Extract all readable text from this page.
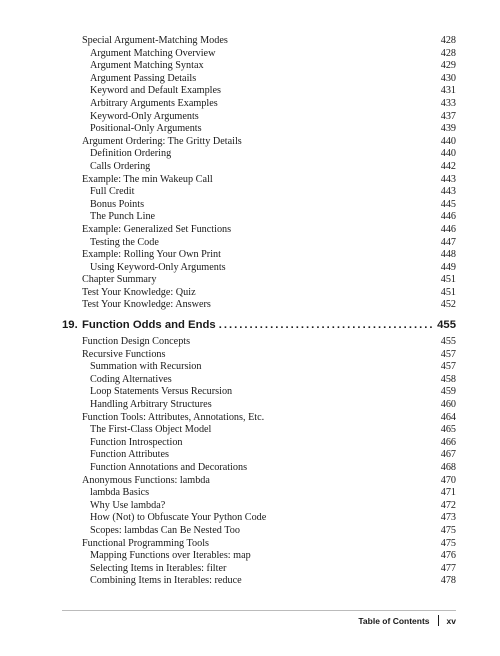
Special Argument-Matching Modes	428
Argument Matching Overview	428
Argument Matching Syntax	429
Argument Passing Details	430
Keyword and Default Examples	431
Arbitrary Arguments Examples	433
Keyword-Only Arguments	437
Positional-Only Arguments	439
Argument Ordering: The Gritty Details	440
Definition Ordering	440
Calls Ordering	442
Example: The min Wakeup Call	443
Full Credit	443
Bonus Points	445
The Punch Line	446
Example: Generalized Set Functions	446
Testing the Code	447
Example: Rolling Your Own Print	448
Using Keyword-Only Arguments	449
Chapter Summary	451
Test Your Knowledge: Quiz	451
Test Your Knowledge: Answers	452
19. Function Odds and Ends .....	455
Function Design Concepts	455
Recursive Functions	457
Summation with Recursion	457
Coding Alternatives	458
Loop Statements Versus Recursion	459
Handling Arbitrary Structures	460
Function Tools: Attributes, Annotations, Etc.	464
The First-Class Object Model	465
Function Introspection	466
Function Attributes	467
Function Annotations and Decorations	468
Anonymous Functions: lambda	470
lambda Basics	471
Why Use lambda?	472
How (Not) to Obfuscate Your Python Code	473
Scopes: lambdas Can Be Nested Too	475
Functional Programming Tools	475
Mapping Functions over Iterables: map	476
Selecting Items in Iterables: filter	477
Combining Items in Iterables: reduce	478
Table of Contents xv
